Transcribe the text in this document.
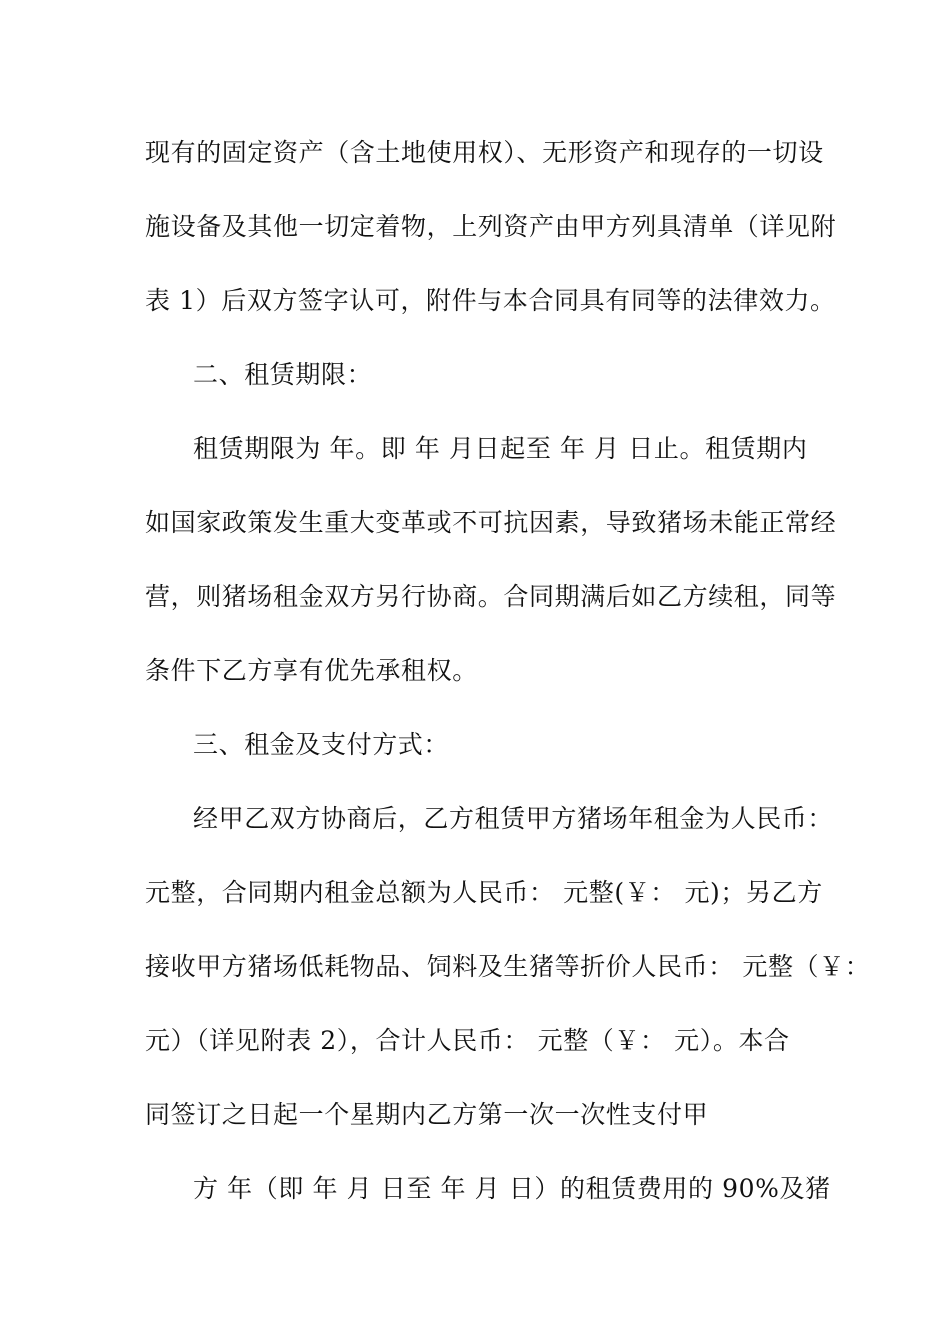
现有的固定资产（含土地使用权）、无形资产和现存的一切设
施设备及其他一切定着物，上列资产由甲方列具清单（详见附
表 1）后双方签字认可，附件与本合同具有同等的法律效力。
二、租赁期限：
租赁期限为 年。即 年 月日起至 年 月 日止。租赁期内
如国家政策发生重大变革或不可抗因素，导致猪场未能正常经
营，则猪场租金双方另行协商。合同期满后如乙方续租，同等
条件下乙方享有优先承租权。
三、租金及支付方式：
经甲乙双方协商后，乙方租赁甲方猪场年租金为人民币：
元整，合同期内租金总额为人民币： 元整(￥： 元)；另乙方
接收甲方猪场低耗物品、饲料及生猪等折价人民币： 元整（￥：
元）（详见附表 2），合计人民币： 元整（￥： 元）。本合
同签订之日起一个星期内乙方第一次一次性支付甲
方 年（即 年 月 日至 年 月 日）的租赁费用的 90%及猪
